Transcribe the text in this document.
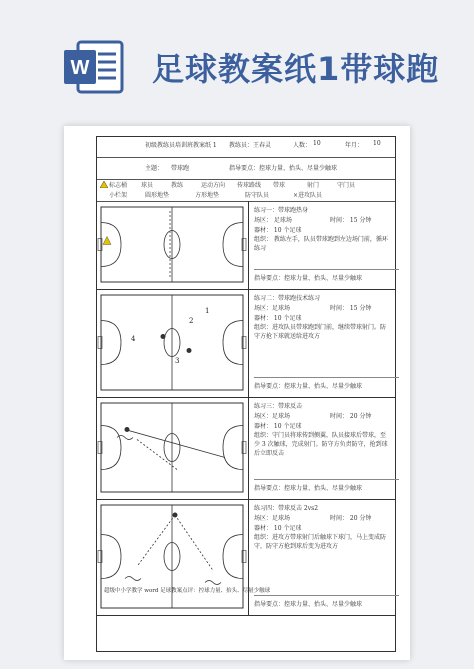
W 足球教案纸1带球跑
初级教练员培训班教案纸 1 教练员：王春灵	人数： 10	年月： 10
主题： 带球跑	指导要点：控球力量、抬头、尽量少触球
标志桶 球员	教练	运动方向 传球路线 带球	射门	守门员
小栏架	圆形地垫	方形地垫	防守队员	×进攻队员
练习一：带球跑热身
场区： 足球场	时间： 15 分钟
器材： 10 个足球
组织： 教练左手，队员带球跑到左边场门前，循环练习
指导要点：控球力量、抬头、尽量少触球
1
2
3
4
练习二：带球跑技术练习
场区：足球场	时间： 15 分钟
器材： 10 个足球
组织：进攻队员带球跑到门前，继续带球射门。防守方抢下球就送给进攻方
指导要点：控球力量、抬头、尽量少触球
练习三：带球反击
场区：足球场	时间： 20 分钟
器材： 10 个足球
组织：守门员将球传到侧翼，队员接球后带球，至少 3 次触球，完成射门。防守方负责防守，抢到球后立即反击
指导要点：控球力量、抬头、尽量少触球
练习四：带球反击 2vs2
场区：足球场	时间： 20 分钟
器材： 10 个足球
组织：进攻方带球射门后触球下球门，马上变成防守，防守方抢到球后变为进攻方
指导要点：控球力量、抬头、尽量少触球
超级中小学教学 word 足球教案点评：控球力量、抬头、尽量少触球
